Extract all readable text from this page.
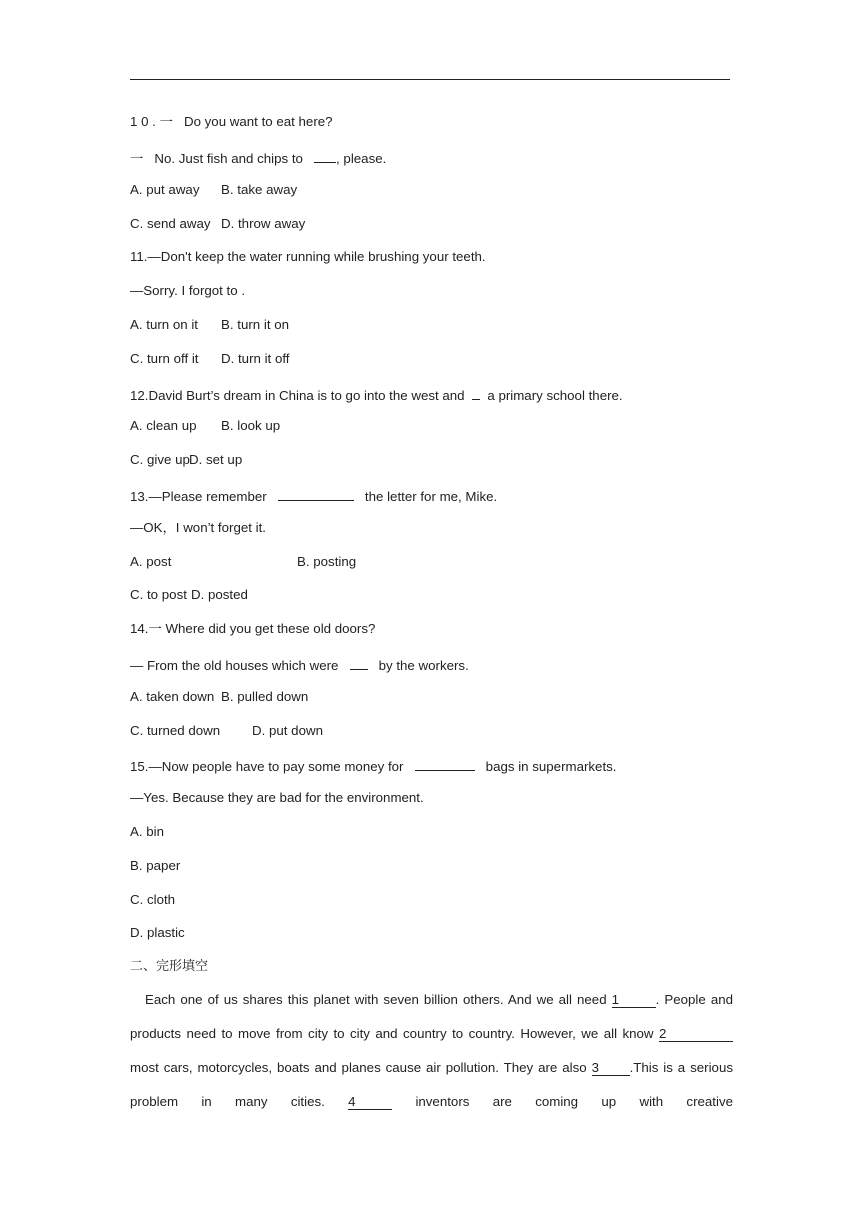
1 0 . 一 Do you want to eat here?
一 No. Just fish and chips to , please.
A. put away B. take away
C. send away D. throw away
11.—Don't keep the water running while brushing your teeth.
—Sorry. I forgot to .
A. turn on it B. turn it on
C. turn off it D. turn it off
12.David Burt’s dream in China is to go into the west and a primary school there.
A. clean up B. look up
C. give up D. set up
13.—Please remember	the letter for me, Mike.
—OK，I won’t forget it.
A. post	B. posting
C. to post D. posted
14.一 Where did you get these old doors?
— From the old houses which were	by the workers.
A. taken down B. pulled down
C. turned down D. put down
15.—Now people have to pay some money for	bags in supermarkets.
—Yes. Because they are bad for the environment.
A. bin
B. paper
C. cloth
D. plastic
二、完形填空
Each one of us shares this planet with seven billion others. And we all need 1	. People and products need to move from city to city and country to country. However, we all know 2 most cars, motorcycles, boats and planes cause air pollution. They are also 3 .This is a serious problem in many cities. 4	inventors are coming up with creative
